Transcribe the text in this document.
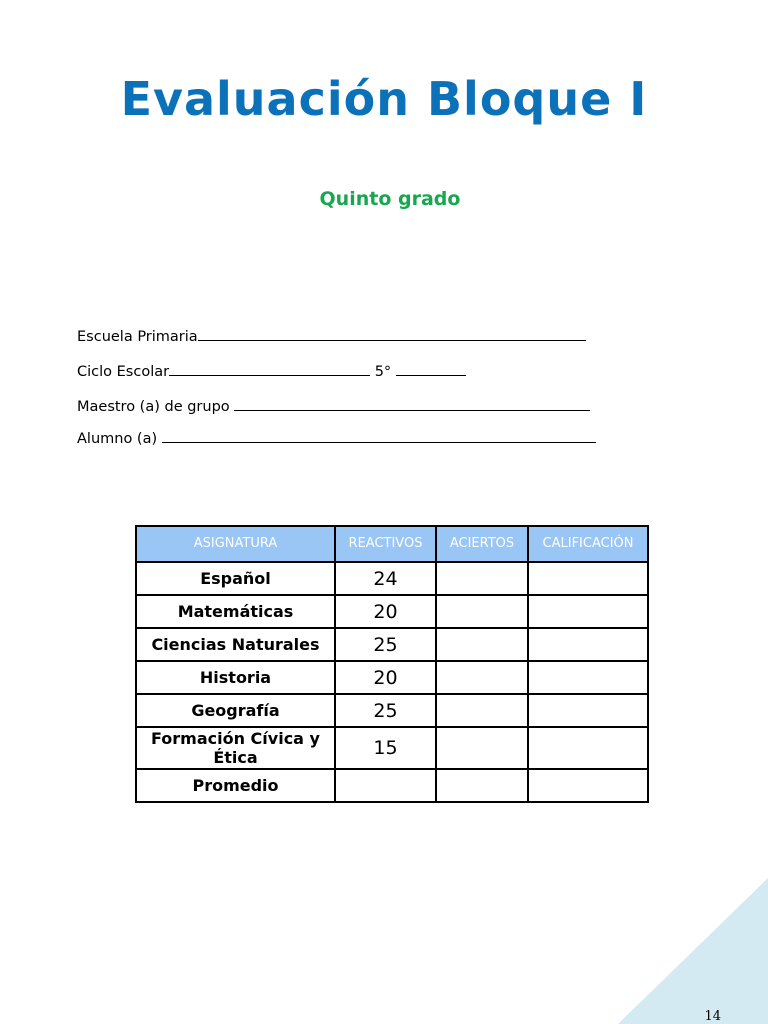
Evaluación Bloque I
Quinto grado
Escuela Primaria
Ciclo Escolar	5°
Maestro (a) de grupo
Alumno (a)
ASIGNATURA	REACTIVOS	ACIERTOS	CALIFICACIÓN
Español	24		
Matemáticas	20		
Ciencias Naturales	25		
Historia	20		
Geografía	25		
Formación Cívica y Ética	15		
Promedio			
14
